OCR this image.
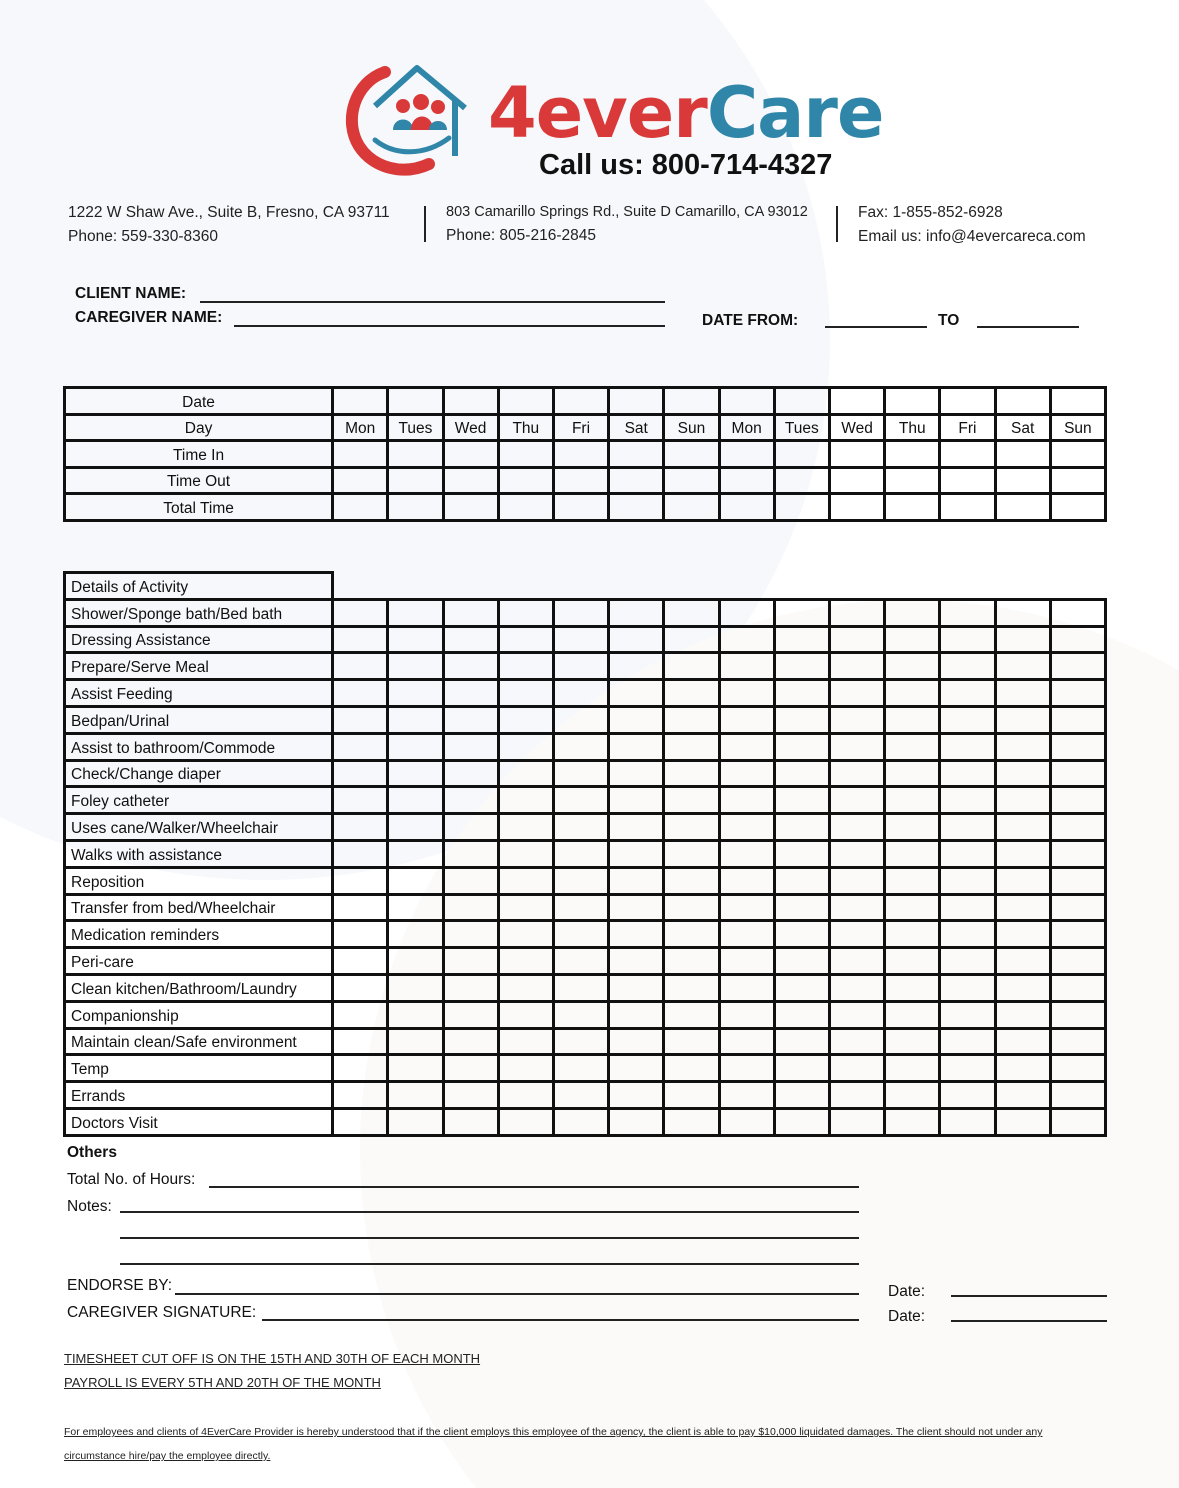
4everCare
Call us: 800-714-4327
1222 W Shaw Ave., Suite B, Fresno, CA 93711
Phone: 559-330-8360
803 Camarillo Springs Rd., Suite D Camarillo, CA 93012
Phone: 805-216-2845
Fax: 1-855-852-6928
Email us: info@4evercareca.com
CLIENT NAME:
CAREGIVER NAME:	DATE FROM:	TO
Date														
Day	Mon	Tues	Wed	Thu	Fri	Sat	Sun	Mon	Tues	Wed	Thu	Fri	Sat	Sun
Time In														
Time Out														
Total Time														
Details of Activity														
Shower/Sponge bath/Bed bath														
Dressing Assistance														
Prepare/Serve Meal														
Assist Feeding														
Bedpan/Urinal														
Assist to bathroom/Commode														
Check/Change diaper														
Foley catheter														
Uses cane/Walker/Wheelchair														
Walks with assistance														
Reposition														
Transfer from bed/Wheelchair														
Medication reminders														
Peri-care														
Clean kitchen/Bathroom/Laundry														
Companionship														
Maintain clean/Safe environment														
Temp														
Errands														
Doctors Visit														
Others
Total No. of Hours:
Notes:
ENDORSE BY:	Date:
CAREGIVER SIGNATURE:	Date:
TIMESHEET CUT OFF IS ON THE 15TH AND 30TH OF EACH MONTH
PAYROLL IS EVERY 5TH AND 20TH OF THE MONTH
For employees and clients of 4EverCare Provider is hereby understood that if the client employs this employee of the agency, the client is able to pay $10,000 liquidated damages. The client should not under any circumstance hire/pay the employee directly.
